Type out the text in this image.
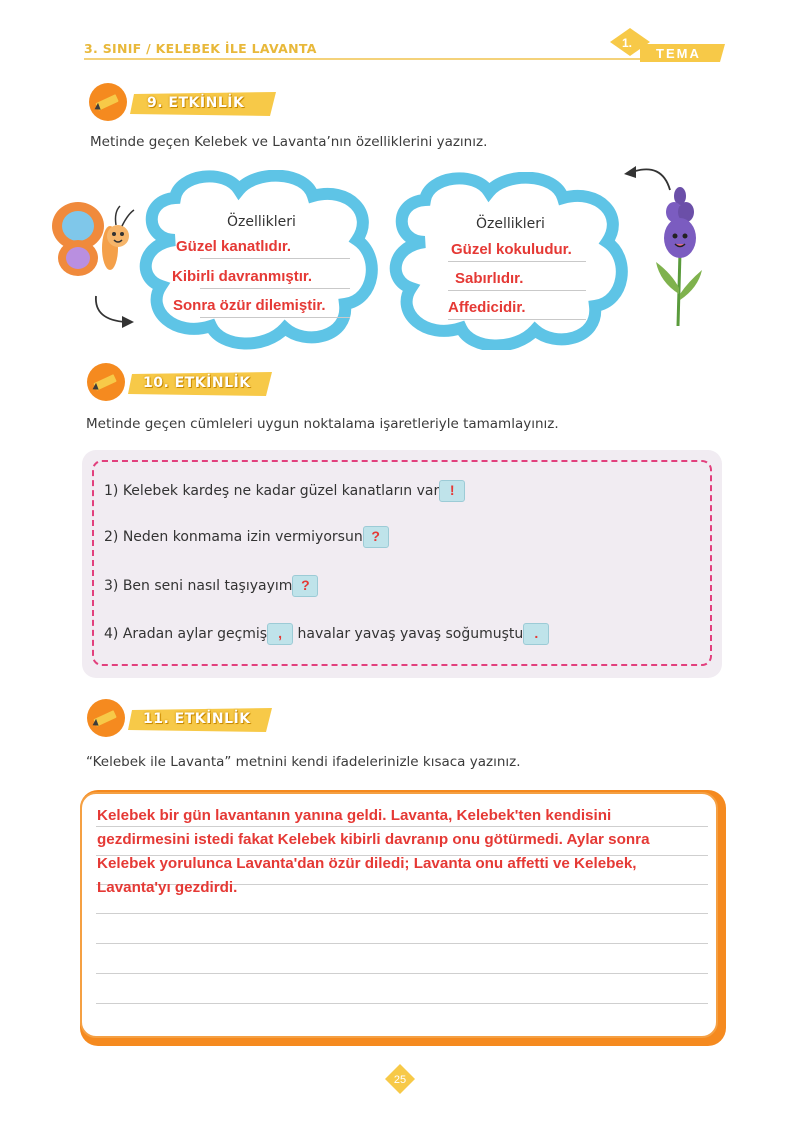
3. SINIF / KELEBEK İLE LAVANTA	1.
TEMA
9. ETKİNLİK
Metinde geçen Kelebek ve Lavanta’nın özelliklerini yazınız.
Özellikleri
Güzel kanatlıdır.
Kibirli davranmıştır.
Sonra özür dilemiştir.
Özellikleri
Güzel kokuludur.
Sabırlıdır.
Affedicidir.
10. ETKİNLİK
Metinde geçen cümleleri uygun noktalama işaretleriyle tamamlayınız.
1) Kelebek kardeş ne kadar güzel kanatların var !
2) Neden konmama izin vermiyorsun ?
3) Ben seni nasıl taşıyayım ?
4) Aradan aylar geçmiş , havalar yavaş yavaş soğumuştu .
11. ETKİNLİK
“Kelebek ile Lavanta” metnini kendi ifadelerinizle kısaca yazınız.
Kelebek bir gün lavantanın yanına geldi. Lavanta, Kelebek'ten kendisini gezdirmesini istedi fakat Kelebek kibirli davranıp onu götürmedi. Aylar sonra Kelebek yorulunca Lavanta'dan özür diledi; Lavanta onu affetti ve Kelebek, Lavanta'yı gezdirdi.
25
